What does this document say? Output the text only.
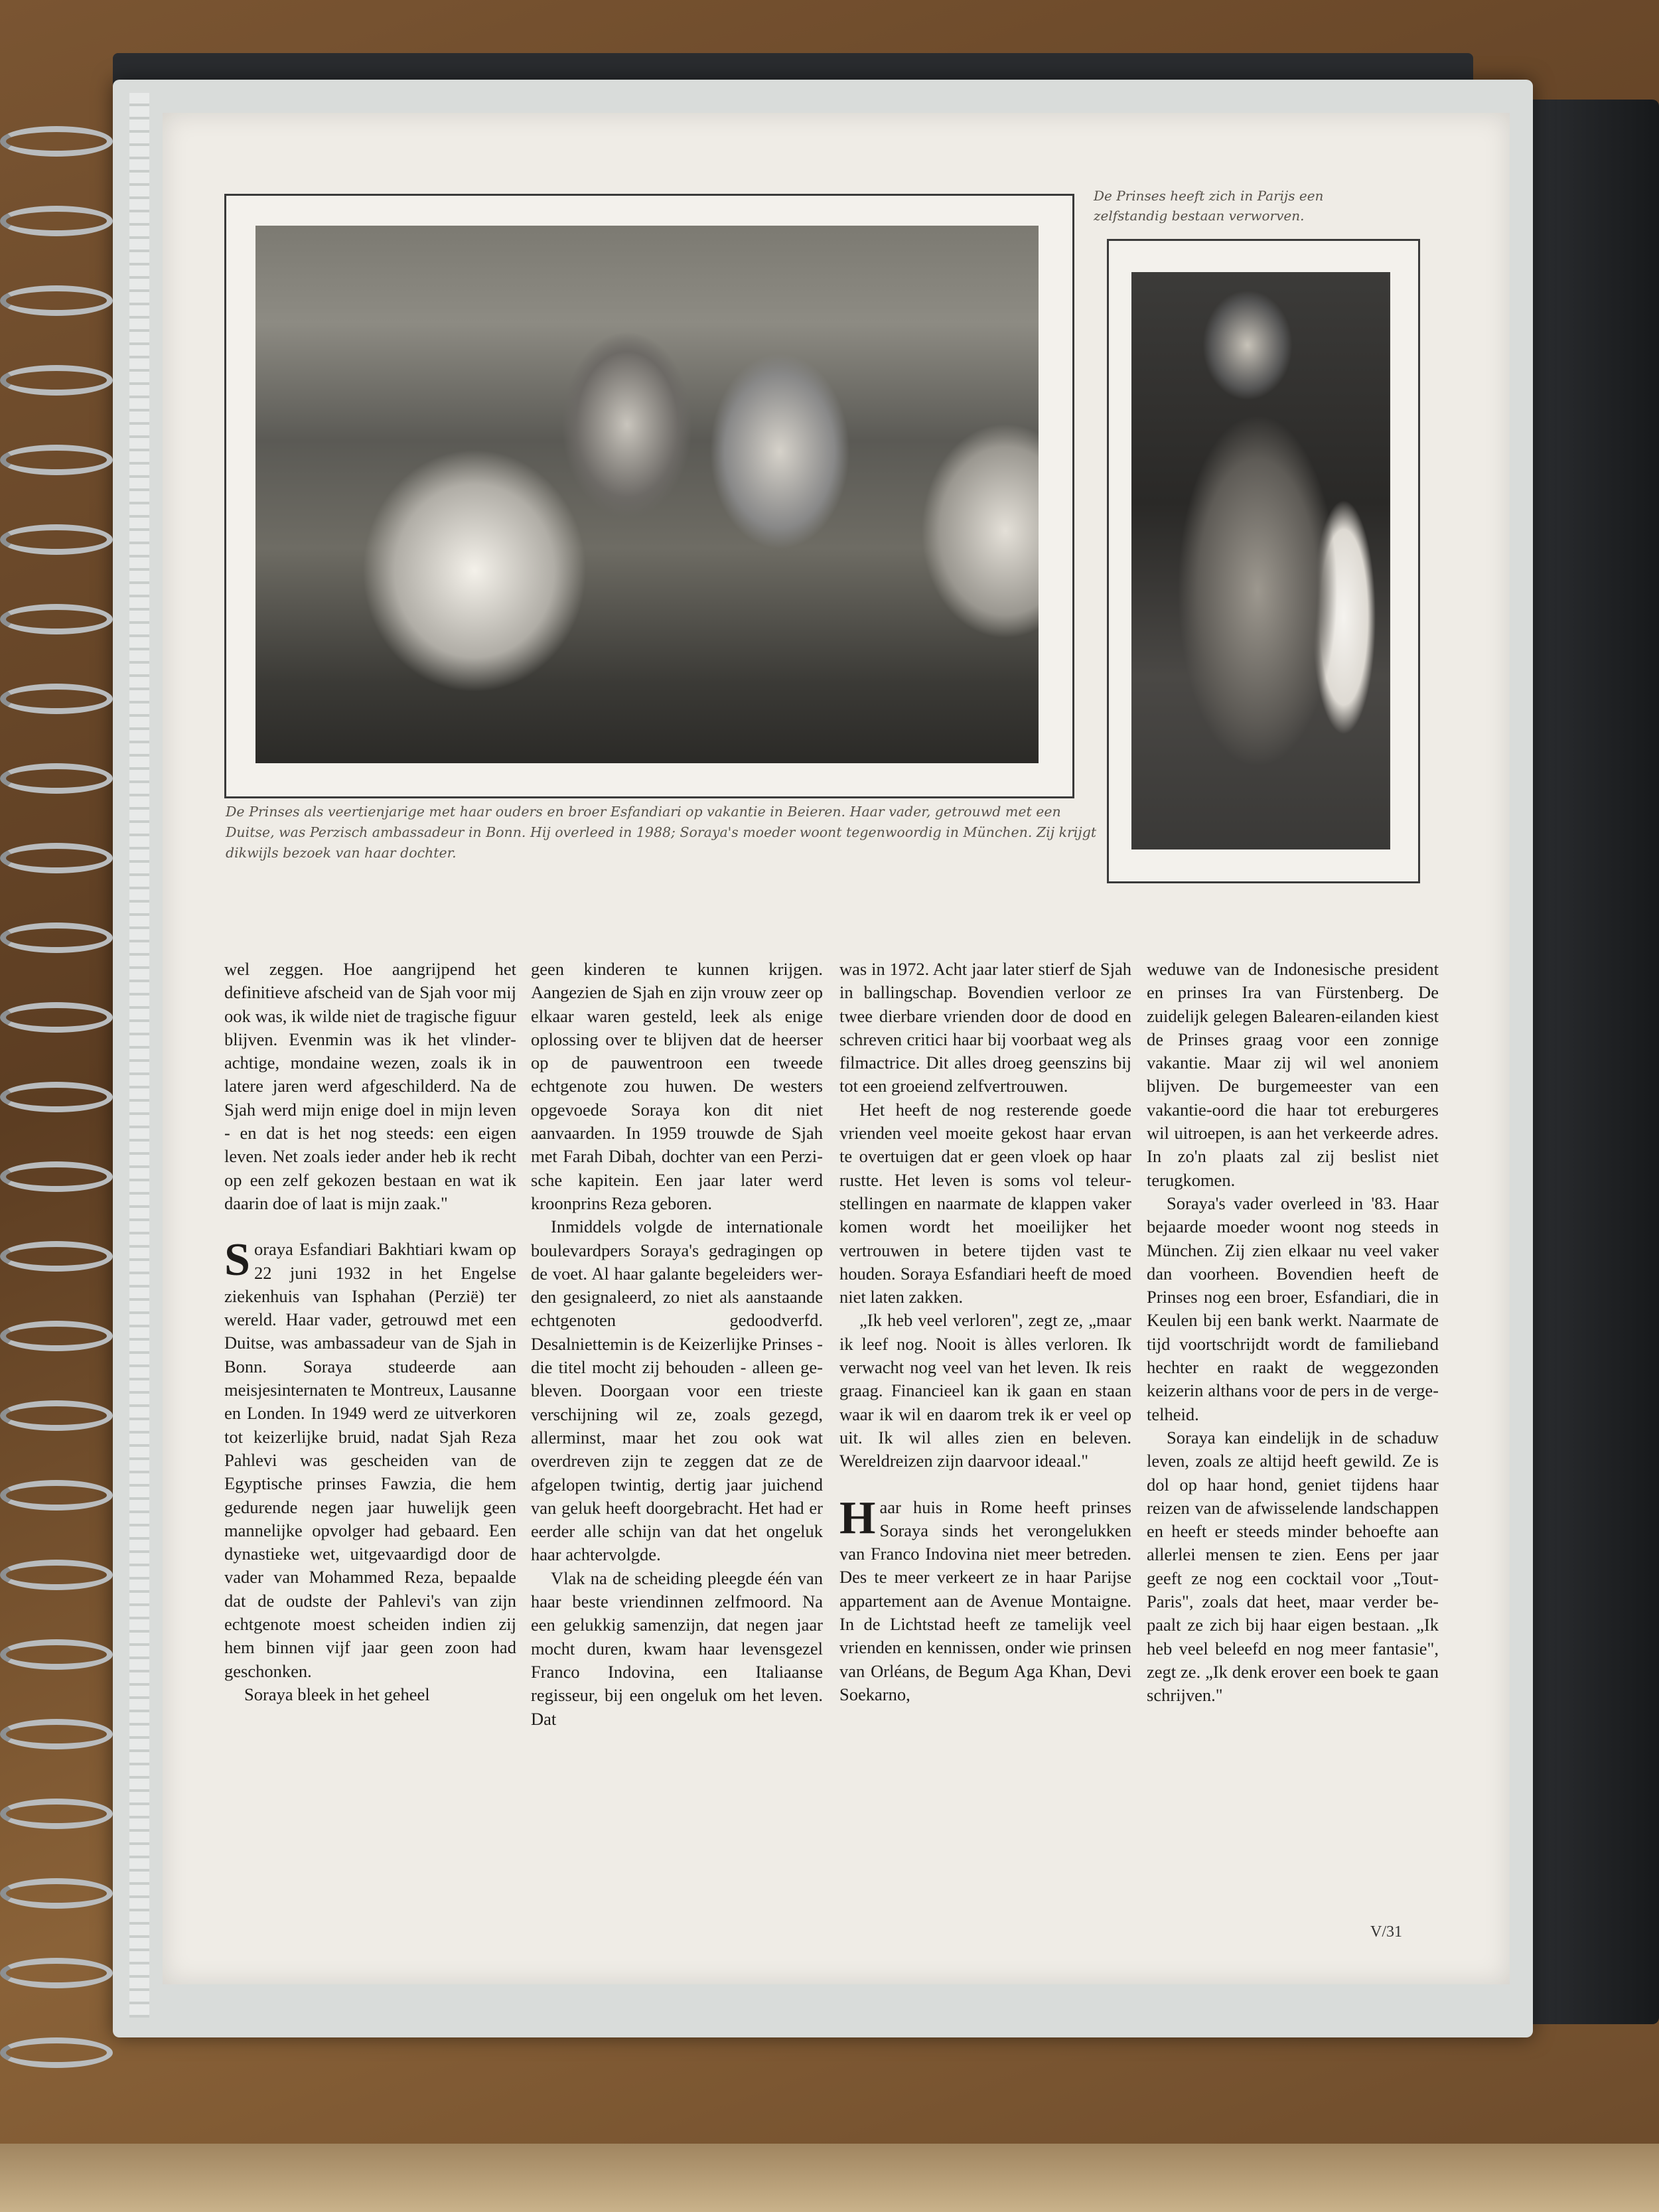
De Prinses heeft zich in Parijs een zelfstandig bestaan verworven.
De Prinses als veertienjarige met haar ouders en broer Esfandiari op vakantie in Beieren. Haar vader, getrouwd met een Duitse, was Perzisch ambassadeur in Bonn. Hij overleed in 1988; Soraya's moeder woont tegenwoordig in München. Zij krijgt dikwijls bezoek van haar dochter.

wel zeggen. Hoe aangrijpend het definitieve afscheid van de Sjah voor mij ook was, ik wilde niet de tragische figuur blijven. Evenmin was ik het vlinderachtige, mondaine wezen, zoals ik in latere jaren werd afgeschilderd. Na de Sjah werd mijn enige doel in mijn leven - en dat is het nog steeds: een eigen leven. Net zoals ieder ander heb ik recht op een zelf gekozen bestaan en wat ik daarin doe of laat is mijn zaak."

Soraya Esfandiari Bakhtiari kwam op 22 juni 1932 in het Engelse ziekenhuis van Isphahan (Perzië) ter wereld. Haar vader, getrouwd met een Duitse, was ambassadeur van de Sjah in Bonn. Soraya studeerde aan meisjesinternaten te Montreux, Lausanne en Londen. In 1949 werd ze uitverkoren tot keizerlijke bruid, nadat Sjah Reza Pahlevi was gescheiden van de Egyptische prinses Fawzia, die hem gedurende negen jaar huwelijk geen mannelijke opvolger had gebaard. Een dynastieke wet, uitgevaardigd door de vader van Mohammed Reza, bepaalde dat de oudste der Pahlevi's van zijn echtgenote moest scheiden indien zij hem binnen vijf jaar geen zoon had geschonken.

Soraya bleek in het geheel

geen kinderen te kunnen krijgen. Aangezien de Sjah en zijn vrouw zeer op elkaar waren gesteld, leek als enige oplossing over te blijven dat de heerser op de pauwentroon een tweede echtgenote zou huwen. De westers opgevoede Soraya kon dit niet aanvaarden. In 1959 trouwde de Sjah met Farah Dibah, dochter van een Perzische kapitein. Een jaar later werd kroonprins Reza geboren.

Inmiddels volgde de internationale boulevardpers Soraya's gedragingen op de voet. Al haar galante begeleiders werden gesignaleerd, zo niet als aanstaande echtgenoten gedoodverfd. Desalniettemin is de Keizerlijke Prinses - die titel mocht zij behouden - alleen gebleven. Doorgaan voor een trieste verschijning wil ze, zoals gezegd, allerminst, maar het zou ook wat overdreven zijn te zeggen dat ze de afgelopen twintig, dertig jaar juichend van geluk heeft doorgebracht. Het had er eerder alle schijn van dat het ongeluk haar achtervolgde.

Vlak na de scheiding pleegde één van haar beste vriendinnen zelfmoord. Na een gelukkig samenzijn, dat negen jaar mocht duren, kwam haar levensgezel Franco Indovina, een Italiaanse regisseur, bij een ongeluk om het leven. Dat

was in 1972. Acht jaar later stierf de Sjah in ballingschap. Bovendien verloor ze twee dierbare vrienden door de dood en schreven critici haar bij voorbaat weg als filmactrice. Dit alles droeg geenszins bij tot een groeiend zelfvertrouwen.

Het heeft de nog resterende goede vrienden veel moeite gekost haar ervan te overtuigen dat er geen vloek op haar rustte. Het leven is soms vol teleurstellingen en naarmate de klappen vaker komen wordt het moeilijker het vertrouwen in betere tijden vast te houden. Soraya Esfandiari heeft de moed niet laten zakken.

„Ik heb veel verloren", zegt ze, „maar ik leef nog. Nooit is àlles verloren. Ik verwacht nog veel van het leven. Ik reis graag. Financieel kan ik gaan en staan waar ik wil en daarom trek ik er veel op uit. Ik wil alles zien en beleven. Wereldreizen zijn daarvoor ideaal."

Haar huis in Rome heeft prinses Soraya sinds het verongelukken van Franco Indovina niet meer betreden. Des te meer verkeert ze in haar Parijse appartement aan de Avenue Montaigne. In de Lichtstad heeft ze tamelijk veel vrienden en kennissen, onder wie prinsen van Orléans, de Begum Aga Khan, Devi Soekarno,

weduwe van de Indonesische president en prinses Ira van Fürstenberg. De zuidelijk gelegen Balearen-eilanden kiest de Prinses graag voor een zonnige vakantie. Maar zij wil wel anoniem blijven. De burgemeester van een vakantie-oord die haar tot ereburgeres wil uitroepen, is aan het verkeerde adres. In zo'n plaats zal zij beslist niet terugkomen.

Soraya's vader overleed in '83. Haar bejaarde moeder woont nog steeds in München. Zij zien elkaar nu veel vaker dan voorheen. Bovendien heeft de Prinses nog een broer, Esfandiari, die in Keulen bij een bank werkt. Naarmate de tijd voortschrijdt wordt de familieband hechter en raakt de weggezonden keizerin althans voor de pers in de vergetelheid.

Soraya kan eindelijk in de schaduw leven, zoals ze altijd heeft gewild. Ze is dol op haar hond, geniet tijdens haar reizen van de afwisselende landschappen en heeft er steeds minder behoefte aan allerlei mensen te zien. Eens per jaar geeft ze nog een cocktail voor „Tout-Paris", zoals dat heet, maar verder bepaalt ze zich bij haar eigen bestaan. „Ik heb veel beleefd en nog meer fantasie", zegt ze. „Ik denk erover een boek te gaan schrijven."

V/31
